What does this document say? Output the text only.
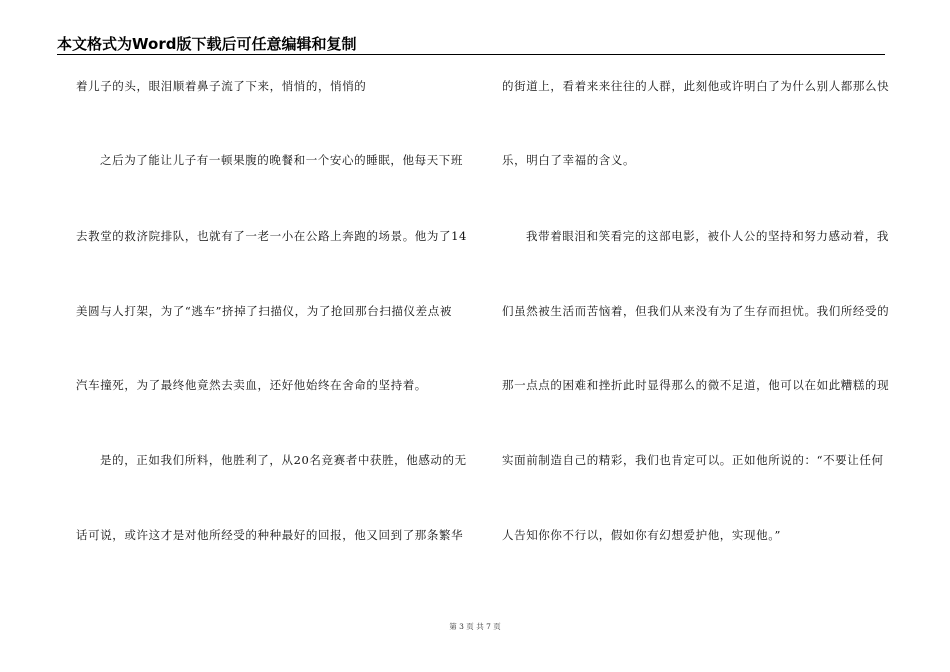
本文格式为Word版下载后可任意编辑和复制
着儿子的头，眼泪顺着鼻子流了下来，悄悄的，悄悄的
之后为了能让儿子有一顿果腹的晚餐和一个安心的睡眠，他每天下班
去教堂的救济院排队，也就有了一老一小在公路上奔跑的场景。他为了14
美圆与人打架，为了“逃车”挤掉了扫描仪，为了抢回那台扫描仪差点被
汽车撞死，为了最终他竟然去卖血，还好他始终在舍命的坚持着。
是的，正如我们所料，他胜利了，从20名竞赛者中获胜，他感动的无
话可说，或许这才是对他所经受的种种最好的回报，他又回到了那条繁华
的街道上，看着来来往往的人群，此刻他或许明白了为什么别人都那么快
乐，明白了幸福的含义。
我带着眼泪和笑看完的这部电影，被仆人公的坚持和努力感动着，我
们虽然被生活而苦恼着，但我们从来没有为了生存而担忧。我们所经受的
那一点点的困难和挫折此时显得那么的微不足道，他可以在如此糟糕的现
实面前制造自己的精彩，我们也肯定可以。正如他所说的：“不要让任何
人告知你你不行以，假如你有幻想爱护他，实现他。”
第 3 页 共 7 页
